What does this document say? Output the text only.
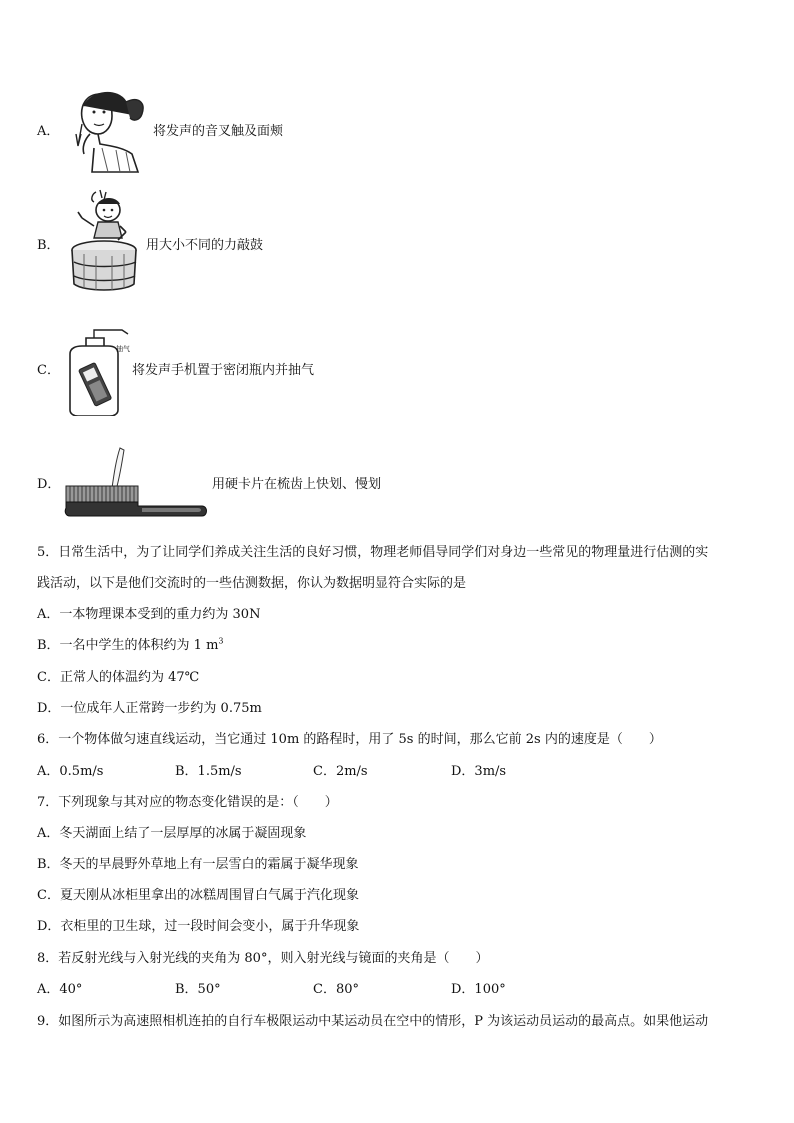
A．	将发声的音叉触及面颊
B．	用大小不同的力敲鼓
C．
抽气
将发声手机置于密闭瓶内并抽气
D．	用硬卡片在梳齿上快划、慢划
5．日常生活中，为了让同学们养成关注生活的良好习惯，物理老师倡导同学们对身边一些常见的物理量进行估测的实
践活动，以下是他们交流时的一些估测数据，你认为数据明显符合实际的是
A．一本物理课本受到的重力约为 30N
B．一名中学生的体积约为 1 $m^3$
C．正常人的体温约为 47℃
D．一位成年人正常跨一步约为 0.75m
6．一个物体做匀速直线运动，当它通过 10m 的路程时，用了 5s 的时间，那么它前 2s 内的速度是（　　）
A．0.5m/s	B．1.5m/s	C．2m/s	D．3m/s
7．下列现象与其对应的物态变化错误的是：（　　）
A．冬天湖面上结了一层厚厚的冰属于凝固现象
B．冬天的早晨野外草地上有一层雪白的霜属于凝华现象
C．夏天刚从冰柜里拿出的冰糕周围冒白气属于汽化现象
D．衣柜里的卫生球，过一段时间会变小，属于升华现象
8．若反射光线与入射光线的夹角为 80°，则入射光线与镜面的夹角是（　　）
A．40°	B．50°	C．80°	D．100°
9．如图所示为高速照相机连拍的自行车极限运动中某运动员在空中的情形，P 为该运动员运动的最高点。如果他运动
